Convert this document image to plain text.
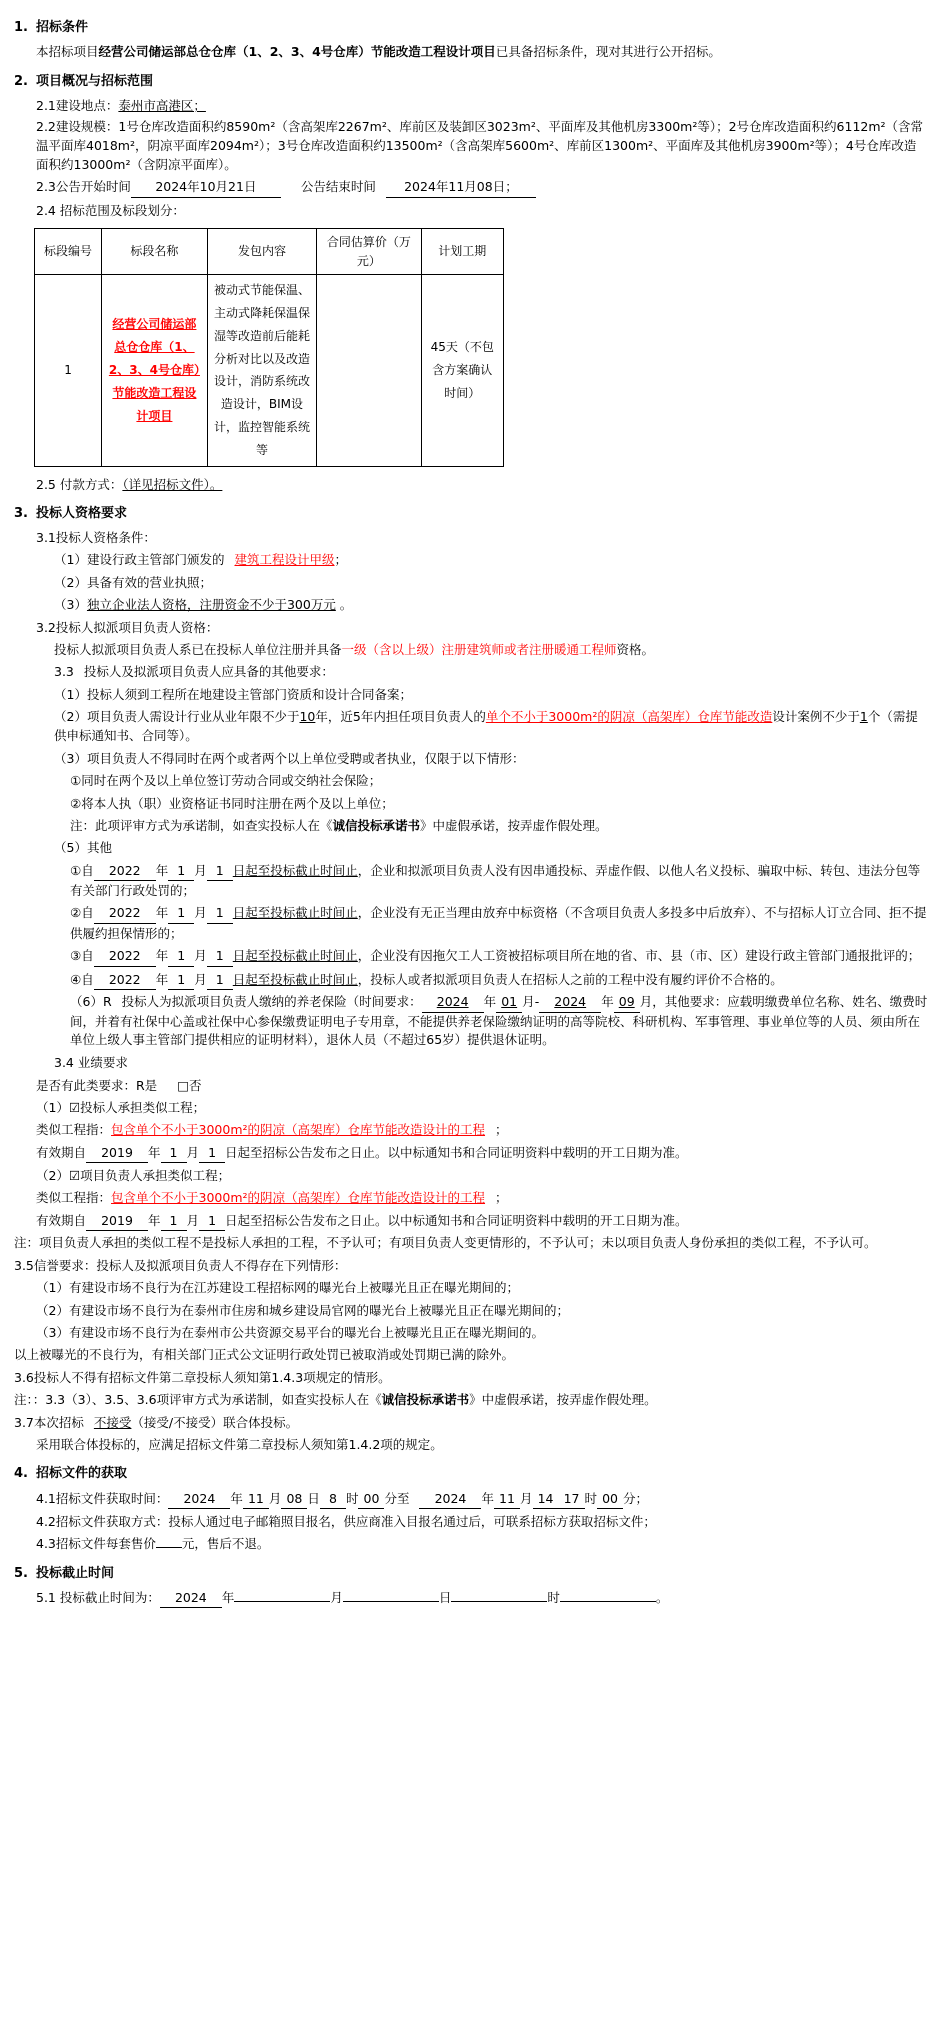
1. 招标条件
本招标项目经营公司储运部总仓仓库（1、2、3、4号仓库）节能改造工程设计项目已具备招标条件，现对其进行公开招标。
2. 项目概况与招标范围
2.1建设地点：泰州市高港区；
2.2建设规模：1号仓库改造面积约8590m²（含高架库2267m²、库前区及装卸区3023m²、平面库及其他机房3300m²等）；2号仓库改造面积约6112m²（含常温平面库4018m²，阴凉平面库2094m²）；3号仓库改造面积约13500m²（含高架库5600m²、库前区1300m²、平面库及其他机房3900m²等）；4号仓库改造面积约13000m²（含阴凉平面库）。
2.3公告开始时间 2024年10月21日	公告结束时间 2024年11月08日；
2.4 招标范围及标段划分：
标段编号	标段名称	发包内容	合同估算价（万元）	计划工期
1	经营公司储运部总仓仓库（1、2、3、4号仓库）节能改造工程设计项目	被动式节能保温、主动式降耗保温保湿等改造前后能耗分析对比以及改造设计，消防系统改造设计，BIM设计，监控智能系统等		45天（不包含方案确认时间）
2.5 付款方式：（详见招标文件）。
3. 投标人资格要求
3.1投标人资格条件：
（1）建设行政主管部门颁发的 建筑工程设计甲级；
（2）具备有效的营业执照；
（3）独立企业法人资格，注册资金不少于300万元 。
3.2投标人拟派项目负责人资格：
投标人拟派项目负责人系已在投标人单位注册并具备一级（含以上级）注册建筑师或者注册暖通工程师资格。
3.3 投标人及拟派项目负责人应具备的其他要求：
（1）投标人须到工程所在地建设主管部门资质和设计合同备案；
（2）项目负责人需设计行业从业年限不少于10年，近5年内担任项目负责人的单个不小于3000m²的阴凉（高架库）仓库节能改造设计案例不少于1个（需提供申标通知书、合同等）。
（3）项目负责人不得同时在两个或者两个以上单位受聘或者执业，仅限于以下情形：
①同时在两个及以上单位签订劳动合同或交纳社会保险；
②将本人执（职）业资格证书同时注册在两个及以上单位；
注：此项评审方式为承诺制，如查实投标人在《诚信投标承诺书》中虚假承诺，按弄虚作假处理。
（5）其他
①自 2022 年 1 月 1 日起至投标截止时间止，企业和拟派项目负责人没有因串通投标、弄虚作假、以他人名义投标、骗取中标、转包、违法分包等有关部门行政处罚的；
②自 2022 年 1 月 1 日起至投标截止时间止，企业没有无正当理由放弃中标资格（不含项目负责人多投多中后放弃）、不与招标人订立合同、拒不提供履约担保情形的；
③自 2022 年 1 月 1 日起至投标截止时间止，企业没有因拖欠工人工资被招标项目所在地的省、市、县（市、区）建设行政主管部门通报批评的；
④自 2022 年 1 月 1 日起至投标截止时间止，投标人或者拟派项目负责人在招标人之前的工程中没有履约评价不合格的。
（6）R 投标人为拟派项目负责人缴纳的养老保险（时间要求： 2024 年 01 月- 2024 年 09 月，其他要求：应载明缴费单位名称、姓名、缴费时间，并着有社保中心盖或社保中心参保缴费证明电子专用章，不能提供养老保险缴纳证明的高等院校、科研机构、军事管理、事业单位等的人员、须由所在单位上级人事主管部门提供相应的证明材料），退休人员（不超过65岁）提供退休证明。
3.4 业绩要求
是否有此类要求：R是 □否
（1）☑投标人承担类似工程；
类似工程指：包含单个不小于3000m²的阴凉（高架库）仓库节能改造设计的工程 ；
有效期自 2019 年 1 月 1 日起至招标公告发布之日止。以中标通知书和合同证明资料中载明的开工日期为准。
（2）☑项目负责人承担类似工程；
类似工程指：包含单个不小于3000m²的阴凉（高架库）仓库节能改造设计的工程 ；
有效期自 2019 年 1 月 1 日起至招标公告发布之日止。以中标通知书和合同证明资料中载明的开工日期为准。
注：项目负责人承担的类似工程不是投标人承担的工程，不予认可；有项目负责人变更情形的，不予认可；未以项目负责人身份承担的类似工程，不予认可。
3.5信誉要求：投标人及拟派项目负责人不得存在下列情形：
（1）有建设市场不良行为在江苏建设工程招标网的曝光台上被曝光且正在曝光期间的；
（2）有建设市场不良行为在泰州市住房和城乡建设局官网的曝光台上被曝光且正在曝光期间的；
（3）有建设市场不良行为在泰州市公共资源交易平台的曝光台上被曝光且正在曝光期间的。
以上被曝光的不良行为，有相关部门正式公文证明行政处罚已被取消或处罚期已满的除外。
3.6投标人不得有招标文件第二章投标人须知第1.4.3项规定的情形。
注：：3.3（3）、3.5、3.6项评审方式为承诺制，如查实投标人在《诚信投标承诺书》中虚假承诺，按弄虚作假处理。
3.7本次招标 不接受（接受/不接受）联合体投标。
采用联合体投标的，应满足招标文件第二章投标人须知第1.4.2项的规定。
4. 招标文件的获取
4.1招标文件获取时间： 2024 年 11 月 08 日 8 时 00 分至 2024 年 11 月 14 17 时 00 分；
4.2招标文件获取方式：投标人通过电子邮箱照目报名，供应商准入目报名通过后，可联系招标方获取招标文件；
4.3招标文件每套售价 元，售后不退。
5. 投标截止时间
5.1 投标截止时间为： 2024 年	月	日	时	。
